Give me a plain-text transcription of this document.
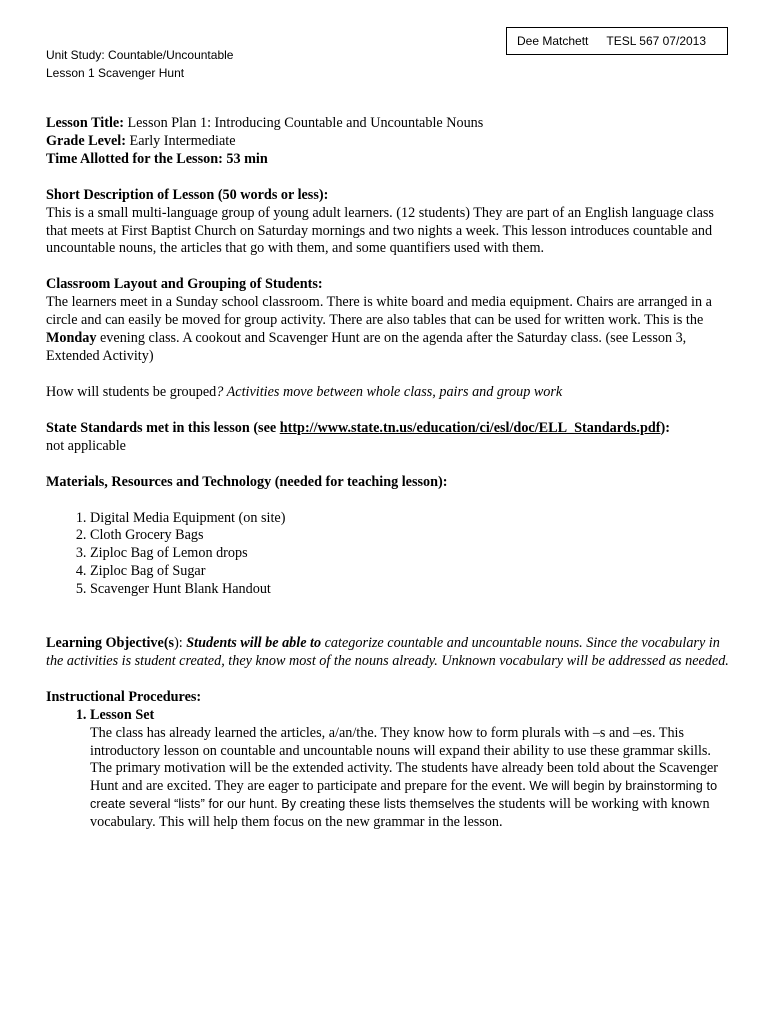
Dee Matchett TESL 567 07/2013
Unit Study: Countable/Uncountable
Lesson 1 Scavenger Hunt

Lesson Title: Lesson Plan 1: Introducing Countable and Uncountable Nouns

Grade Level: Early Intermediate

Time Allotted for the Lesson: 53 min

Short Description of Lesson (50 words or less):

This is a small multi-language group of young adult learners. (12 students) They are part of an English language class that meets at First Baptist Church on Saturday mornings and two nights a week. This lesson introduces countable and uncountable nouns, the articles that go with them, and some quantifiers used with them.

Classroom Layout and Grouping of Students:

The learners meet in a Sunday school classroom. There is white board and media equipment. Chairs are arranged in a circle and can easily be moved for group activity. There are also tables that can be used for written work. This is the Monday evening class. A cookout and Scavenger Hunt are on the agenda after the Saturday class. (see Lesson 3, Extended Activity)

How will students be grouped? Activities move between whole class, pairs and group work

State Standards met in this lesson (see http://www.state.tn.us/education/ci/esl/doc/ELL_Standards.pdf):

not applicable

Materials, Resources and Technology (needed for teaching lesson):

1. Digital Media Equipment (on site)
2. Cloth Grocery Bags
3. Ziploc Bag of Lemon drops
4. Ziploc Bag of Sugar
5. Scavenger Hunt Blank Handout

Learning Objective(s): Students will be able to categorize countable and uncountable nouns. Since the vocabulary in the activities is student created, they know most of the nouns already. Unknown vocabulary will be addressed as needed.

Instructional Procedures:

1. Lesson Set
The class has already learned the articles, a/an/the. They know how to form plurals with –s and –es. This introductory lesson on countable and uncountable nouns will expand their ability to use these grammar skills. The primary motivation will be the extended activity. The students have already been told about the Scavenger Hunt and are excited. They are eager to participate and prepare for the event. We will begin by brainstorming to create several “lists” for our hunt. By creating these lists themselves the students will be working with known vocabulary. This will help them focus on the new grammar in the lesson.
